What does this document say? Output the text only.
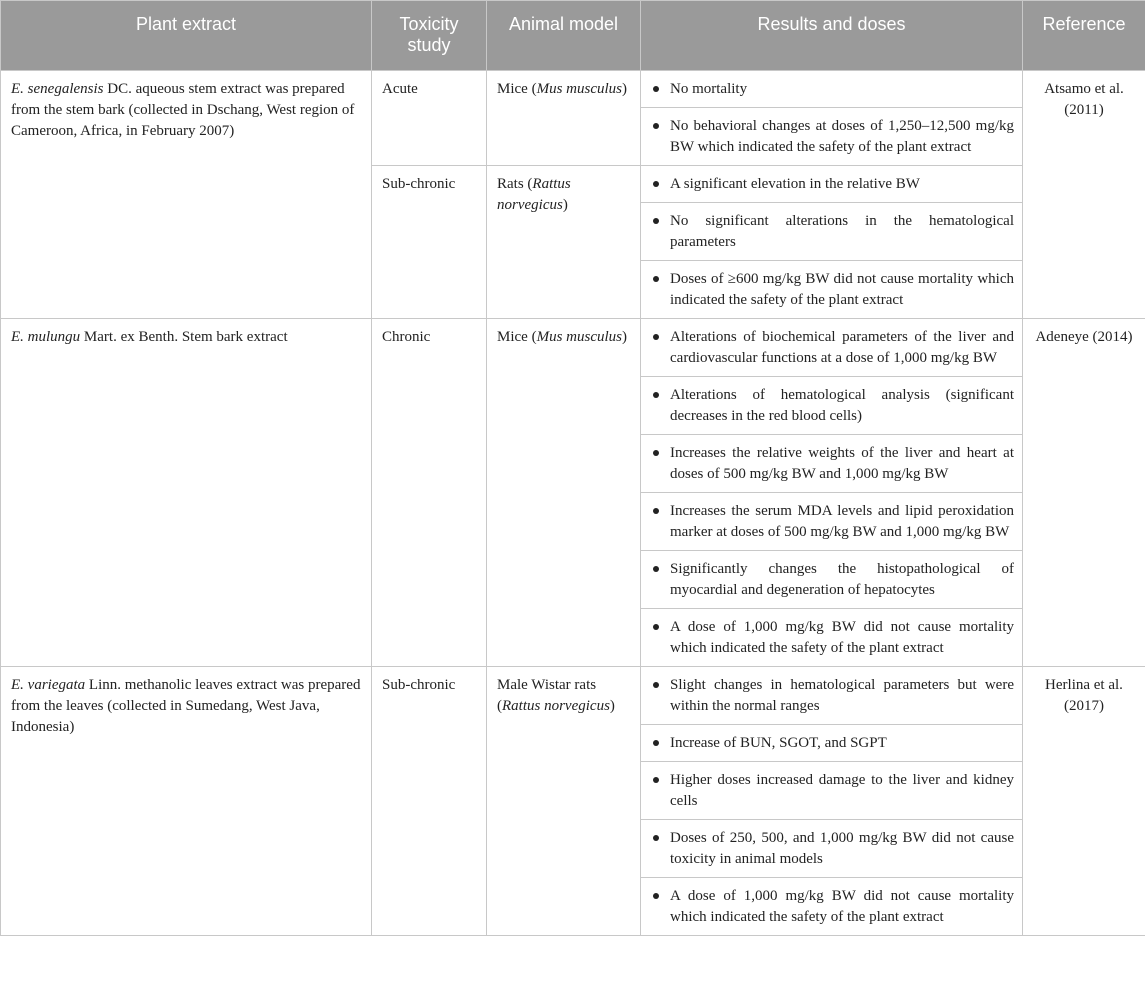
Plant extract	Toxicity study	Animal model	Results and doses	Reference
E. senegalensis DC. aqueous stem extract was prepared from the stem bark (collected in Dschang, West region of Cameroon, Africa, in February 2007)	Acute	Mice (Mus musculus)	No mortality	Atsamo et al. (2011)

			No behavioral changes at doses of 1,250–12,500 mg/kg BW which indicated the safety of the plant extract	

	Sub-chronic	Rats (Rattus norvegicus)	A significant elevation in the relative BW	

			No significant alterations in the hematological parameters	

			Doses of ≥600 mg/kg BW did not cause mortality which indicated the safety of the plant extract	

E. mulungu Mart. ex Benth. Stem bark extract	Chronic	Mice (Mus musculus)	Alterations of biochemical parameters of the liver and cardiovascular functions at a dose of 1,000 mg/kg BW	Adeneye (2014)

			Alterations of hematological analysis (significant decreases in the red blood cells)	

			Increases the relative weights of the liver and heart at doses of 500 mg/kg BW and 1,000 mg/kg BW	

			Increases the serum MDA levels and lipid peroxidation marker at doses of 500 mg/kg BW and 1,000 mg/kg BW	

			Significantly changes the histopathological of myocardial and degeneration of hepatocytes	

			A dose of 1,000 mg/kg BW did not cause mortality which indicated the safety of the plant extract	

E. variegata Linn. methanolic leaves extract was prepared from the leaves (collected in Sumedang, West Java, Indonesia)	Sub-chronic	Male Wistar rats (Rattus norvegicus)	Slight changes in hematological parameters but were within the normal ranges	Herlina et al. (2017)

			Increase of BUN, SGOT, and SGPT	

			Higher doses increased damage to the liver and kidney cells	

			Doses of 250, 500, and 1,000 mg/kg BW did not cause toxicity in animal models	

			A dose of 1,000 mg/kg BW did not cause mortality which indicated the safety of the plant extract	
